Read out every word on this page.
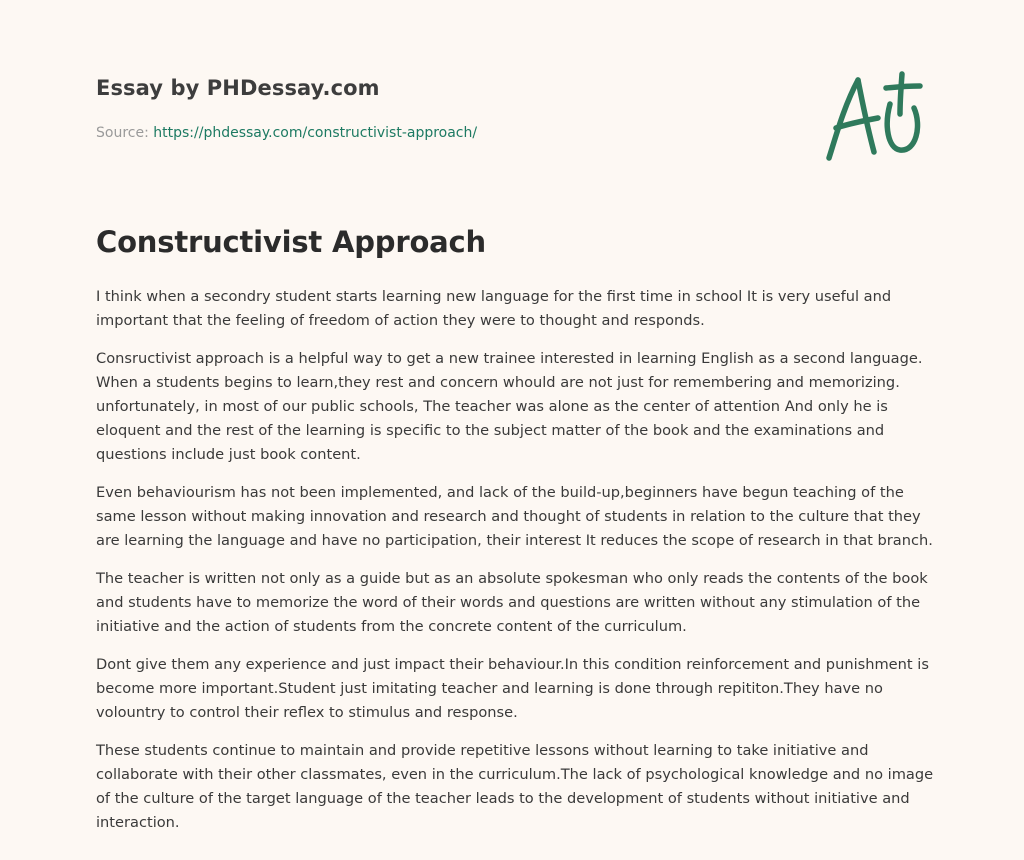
Essay by PHDessay.com

Source: https://phdessay.com/constructivist-approach/
Constructivist Approach

I think when a secondry student starts learning new language for the first time in school It is very useful and important that the feeling of freedom of action they were to thought and responds.

Consructivist approach is a helpful way to get a new trainee interested in learning English as a second language. When a students begins to learn,they rest and concern whould are not just for remembering and memorizing. unfortunately, in most of our public schools, The teacher was alone as the center of attention And only he is eloquent and the rest of the learning is specific to the subject matter of the book and the examinations and questions include just book content.

Even behaviourism has not been implemented, and lack of the build-up,beginners have begun teaching of the same lesson without making innovation and research and thought of students in relation to the culture that they are learning the language and have no participation, their interest It reduces the scope of research in that branch.

The teacher is written not only as a guide but as an absolute spokesman who only reads the contents of the book and students have to memorize the word of their words and questions are written without any stimulation of the initiative and the action of students from the concrete content of the curriculum.

Dont give them any experience and just impact their behaviour.In this condition reinforcement and punishment is become more important.Student just imitating teacher and learning is done through repititon.They have no volountry to control their reflex to stimulus and response.

These students continue to maintain and provide repetitive lessons without learning to take initiative and collaborate with their other classmates, even in the curriculum.The lack of psychological knowledge and no image of the culture of the target language of the teacher leads to the development of students without initiative and interaction.
